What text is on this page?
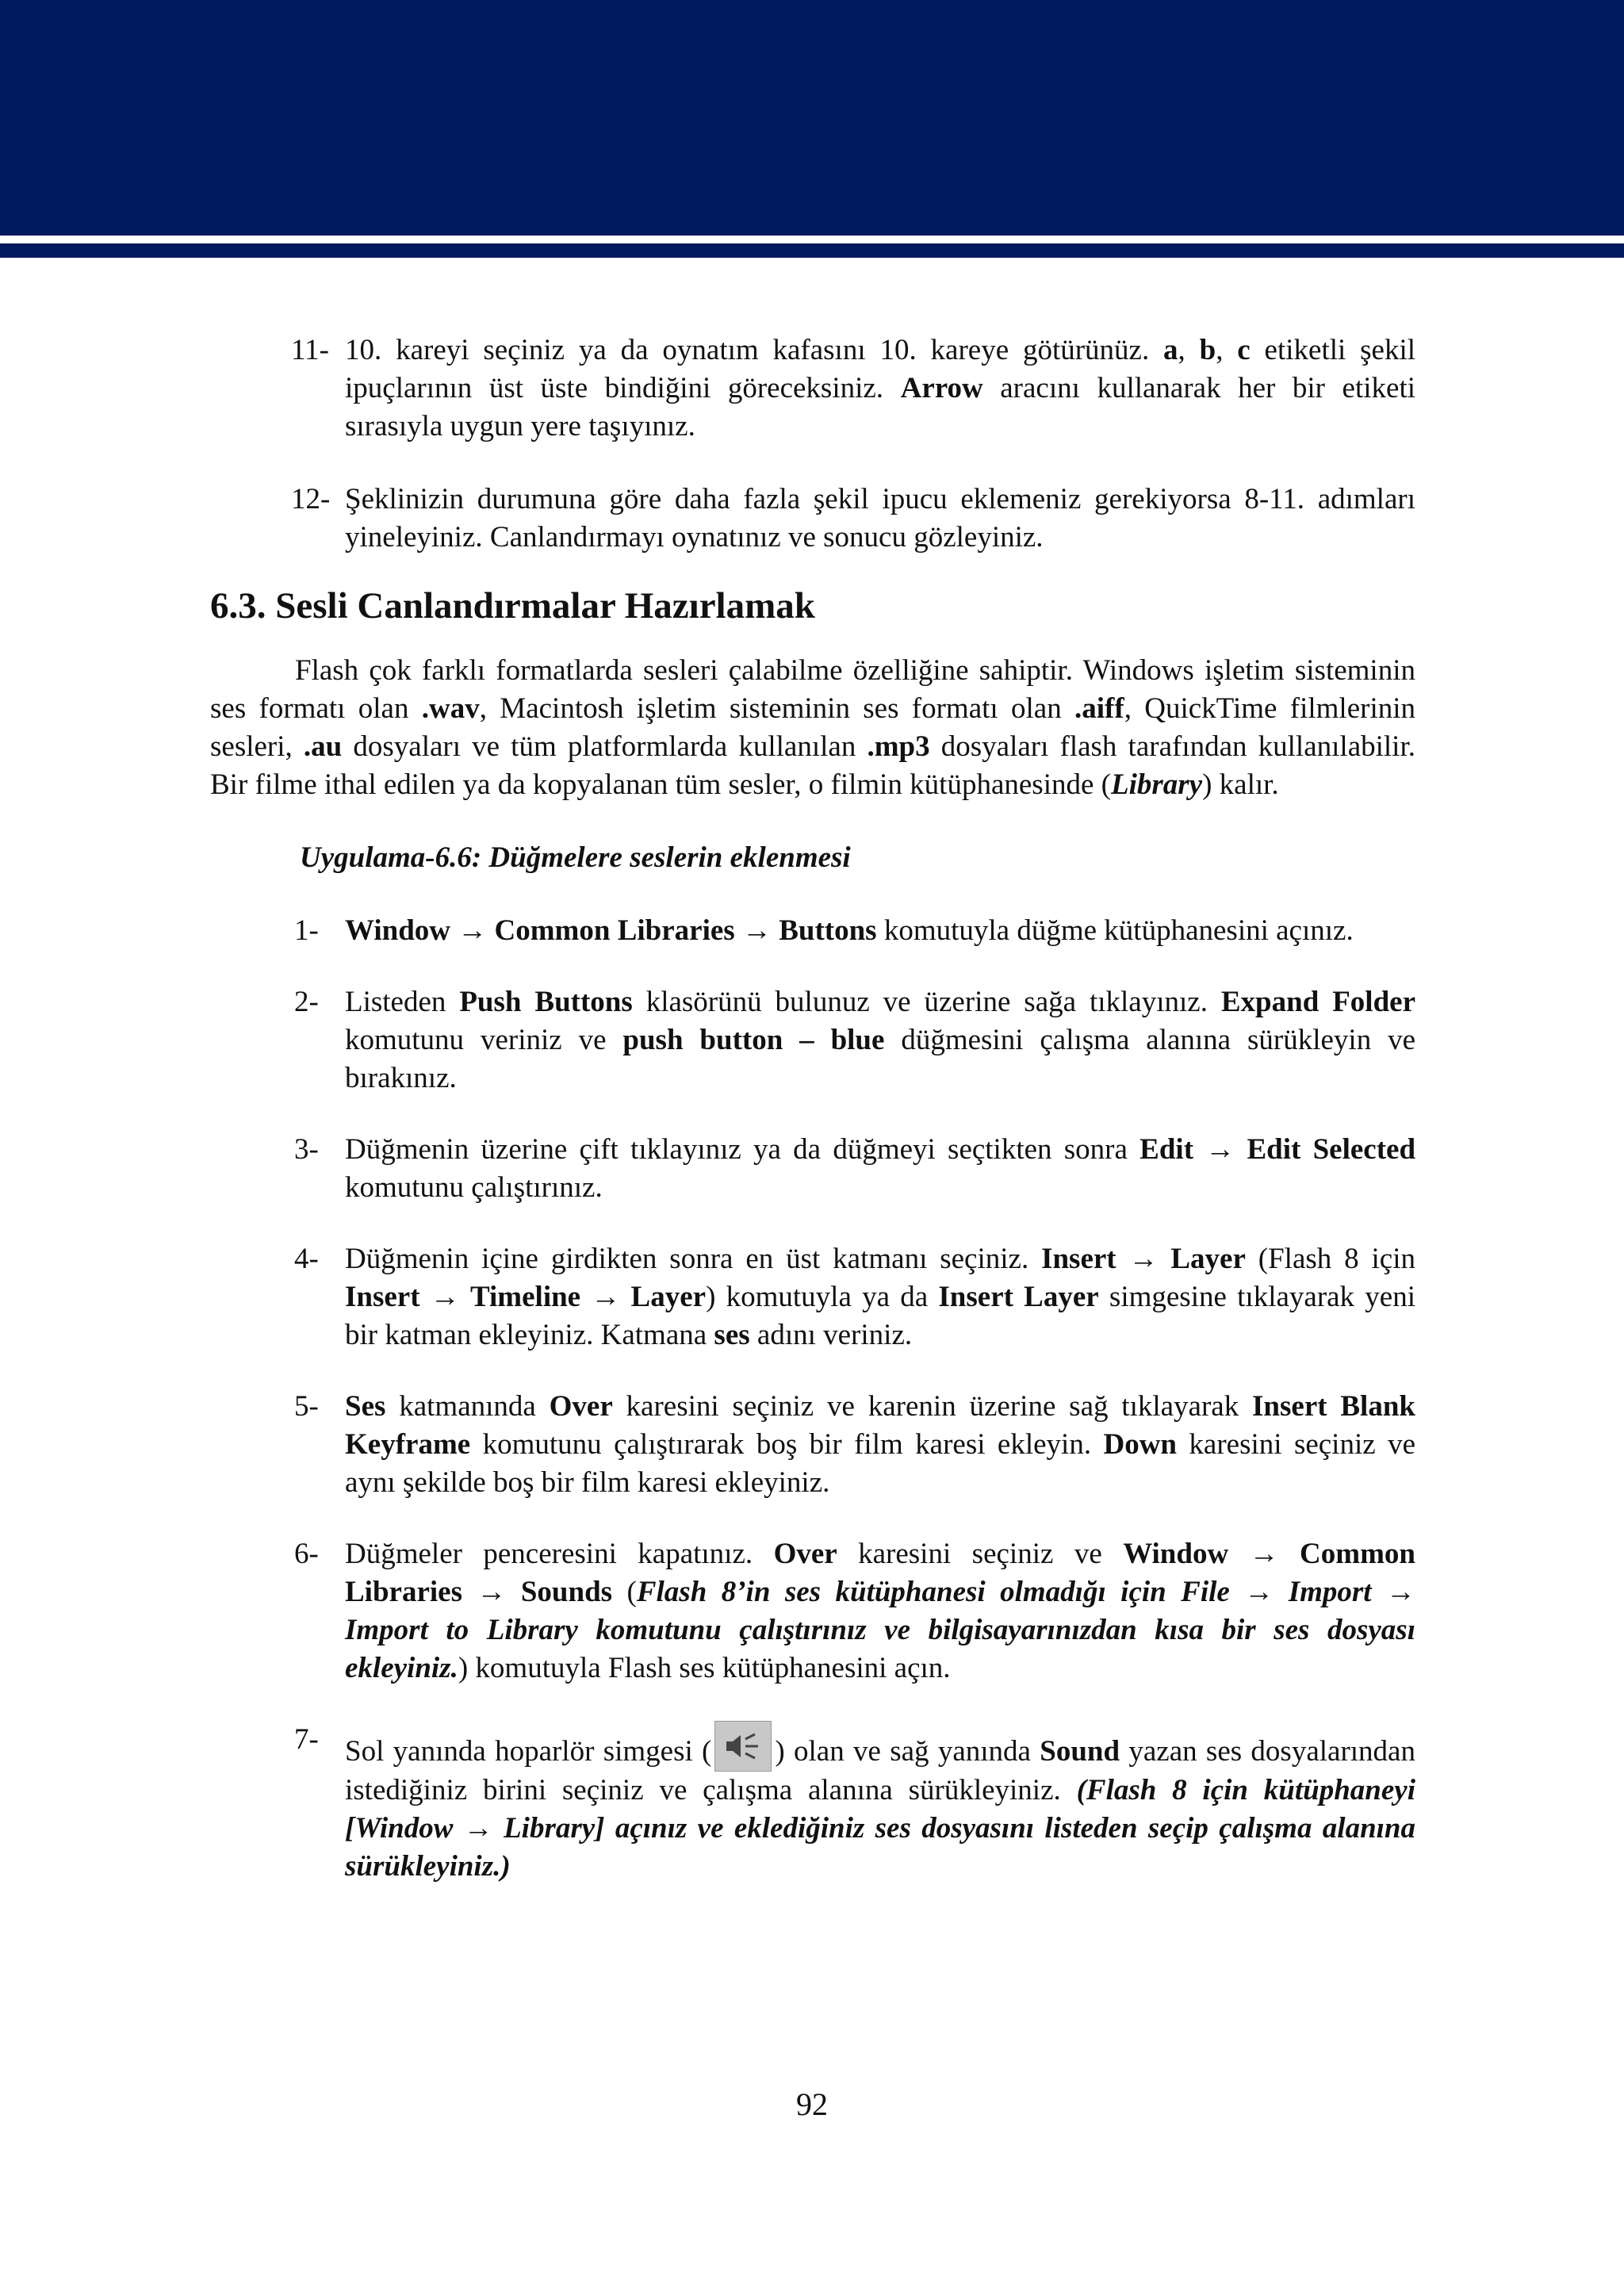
11- 10. kareyi seçiniz ya da oynatım kafasını 10. kareye götürünüz. a, b, c etiketli şekil ipuçlarının üst üste bindiğini göreceksiniz. Arrow aracını kullanarak her bir etiketi sırasıyla uygun yere taşıyınız.
12- Şeklinizin durumuna göre daha fazla şekil ipucu eklemeniz gerekiyorsa 8-11. adımları yineleyiniz. Canlandırmayı oynatınız ve sonucu gözleyiniz.
6.3. Sesli Canlandırmalar Hazırlamak

Flash çok farklı formatlarda sesleri çalabilme özelliğine sahiptir. Windows işletim sisteminin ses formatı olan .wav, Macintosh işletim sisteminin ses formatı olan .aiff, QuickTime filmlerinin sesleri, .au dosyaları ve tüm platformlarda kullanılan .mp3 dosyaları flash tarafından kullanılabilir. Bir filme ithal edilen ya da kopyalanan tüm sesler, o filmin kütüphanesinde (Library) kalır.

Uygulama-6.6: Düğmelere seslerin eklenmesi

1- Window → Common Libraries → Buttons komutuyla düğme kütüphanesini açınız.
2- Listeden Push Buttons klasörünü bulunuz ve üzerine sağa tıklayınız. Expand Folder komutunu veriniz ve push button – blue düğmesini çalışma alanına sürükleyin ve bırakınız.
3- Düğmenin üzerine çift tıklayınız ya da düğmeyi seçtikten sonra Edit → Edit Selected komutunu çalıştırınız.
4- Düğmenin içine girdikten sonra en üst katmanı seçiniz. Insert → Layer (Flash 8 için Insert → Timeline → Layer) komutuyla ya da Insert Layer simgesine tıklayarak yeni bir katman ekleyiniz. Katmana ses adını veriniz.
5- Ses katmanında Over karesini seçiniz ve karenin üzerine sağ tıklayarak Insert Blank Keyframe komutunu çalıştırarak boş bir film karesi ekleyin. Down karesini seçiniz ve aynı şekilde boş bir film karesi ekleyiniz.
6- Düğmeler penceresini kapatınız. Over karesini seçiniz ve Window → Common Libraries → Sounds (Flash 8’in ses kütüphanesi olmadığı için File → Import → Import to Library komutunu çalıştırınız ve bilgisayarınızdan kısa bir ses dosyası ekleyiniz.) komutuyla Flash ses kütüphanesini açın.
7- Sol yanında hoparlör simgesi ( ) olan ve sağ yanında Sound yazan ses dosyalarından istediğiniz birini seçiniz ve çalışma alanına sürükleyiniz. (Flash 8 için kütüphaneyi [Window → Library] açınız ve eklediğiniz ses dosyasını listeden seçip çalışma alanına sürükleyiniz.)
92
